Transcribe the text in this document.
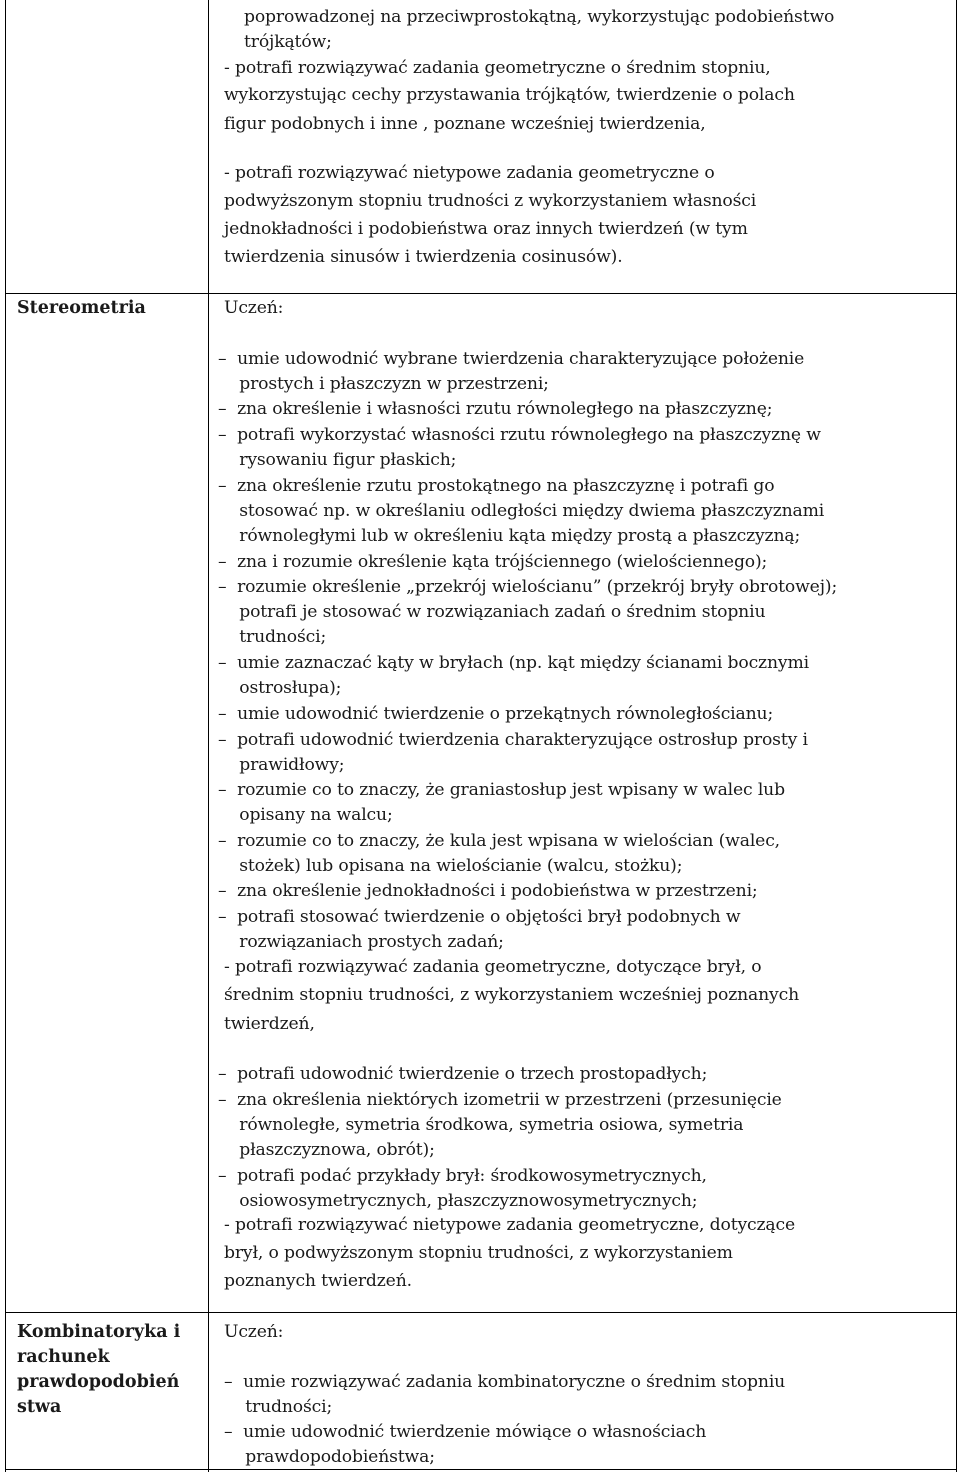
poprowadzonej na przeciwprostokątną, wykorzystując podobieństwo
trójkątów;
- potrafi rozwiązywać zadania geometryczne o średnim stopniu,
wykorzystując cechy przystawania trójkątów, twierdzenie o polach
figur podobnych i inne , poznane wcześniej twierdzenia,
- potrafi rozwiązywać nietypowe zadania geometryczne o
podwyższonym stopniu trudności z wykorzystaniem własności
jednokładności i podobieństwa oraz innych twierdzeń (w tym
twierdzenia sinusów i twierdzenia cosinusów).
Stereometria	Uczeń:
–  umie udowodnić wybrane twierdzenia charakteryzujące położenie
prostych i płaszczyzn w przestrzeni;
–  zna określenie i własności rzutu równoległego na płaszczyznę;
–  potrafi wykorzystać własności rzutu równoległego na płaszczyznę w
rysowaniu figur płaskich;
–  zna określenie rzutu prostokątnego na płaszczyznę i potrafi go
stosować np. w określaniu odległości między dwiema płaszczyznami
równoległymi lub w określeniu kąta między prostą a płaszczyzną;
–  zna i rozumie określenie kąta trójściennego (wielościennego);
–  rozumie określenie „przekrój wielościanu” (przekrój bryły obrotowej);
potrafi je stosować w rozwiązaniach zadań o średnim stopniu
trudności;
–  umie zaznaczać kąty w bryłach (np. kąt między ścianami bocznymi
ostrosłupa);
–  umie udowodnić twierdzenie o przekątnych równoległościanu;
–  potrafi udowodnić twierdzenia charakteryzujące ostrosłup prosty i
prawidłowy;
–  rozumie co to znaczy, że graniastosłup jest wpisany w walec lub
opisany na walcu;
–  rozumie co to znaczy, że kula jest wpisana w wielościan (walec,
stożek) lub opisana na wielościanie (walcu, stożku);
–  zna określenie jednokładności i podobieństwa w przestrzeni;
–  potrafi stosować twierdzenie o objętości brył podobnych w
rozwiązaniach prostych zadań;
- potrafi rozwiązywać zadania geometryczne, dotyczące brył, o
średnim stopniu trudności, z wykorzystaniem wcześniej poznanych
twierdzeń,
–  potrafi udowodnić twierdzenie o trzech prostopadłych;
–  zna określenia niektórych izometrii w przestrzeni (przesunięcie
równoległe, symetria środkowa, symetria osiowa, symetria
płaszczyznowa, obrót);
–  potrafi podać przykłady brył: środkowosymetrycznych,
osiowosymetrycznych, płaszczyznowosymetrycznych;
- potrafi rozwiązywać nietypowe zadania geometryczne, dotyczące
brył, o podwyższonym stopniu trudności, z wykorzystaniem
poznanych twierdzeń.
Kombinatoryka i
rachunek
prawdopodobień
stwa
Uczeń:
–  umie rozwiązywać zadania kombinatoryczne o średnim stopniu
trudności;
–  umie udowodnić twierdzenie mówiące o własnościach
prawdopodobieństwa;
